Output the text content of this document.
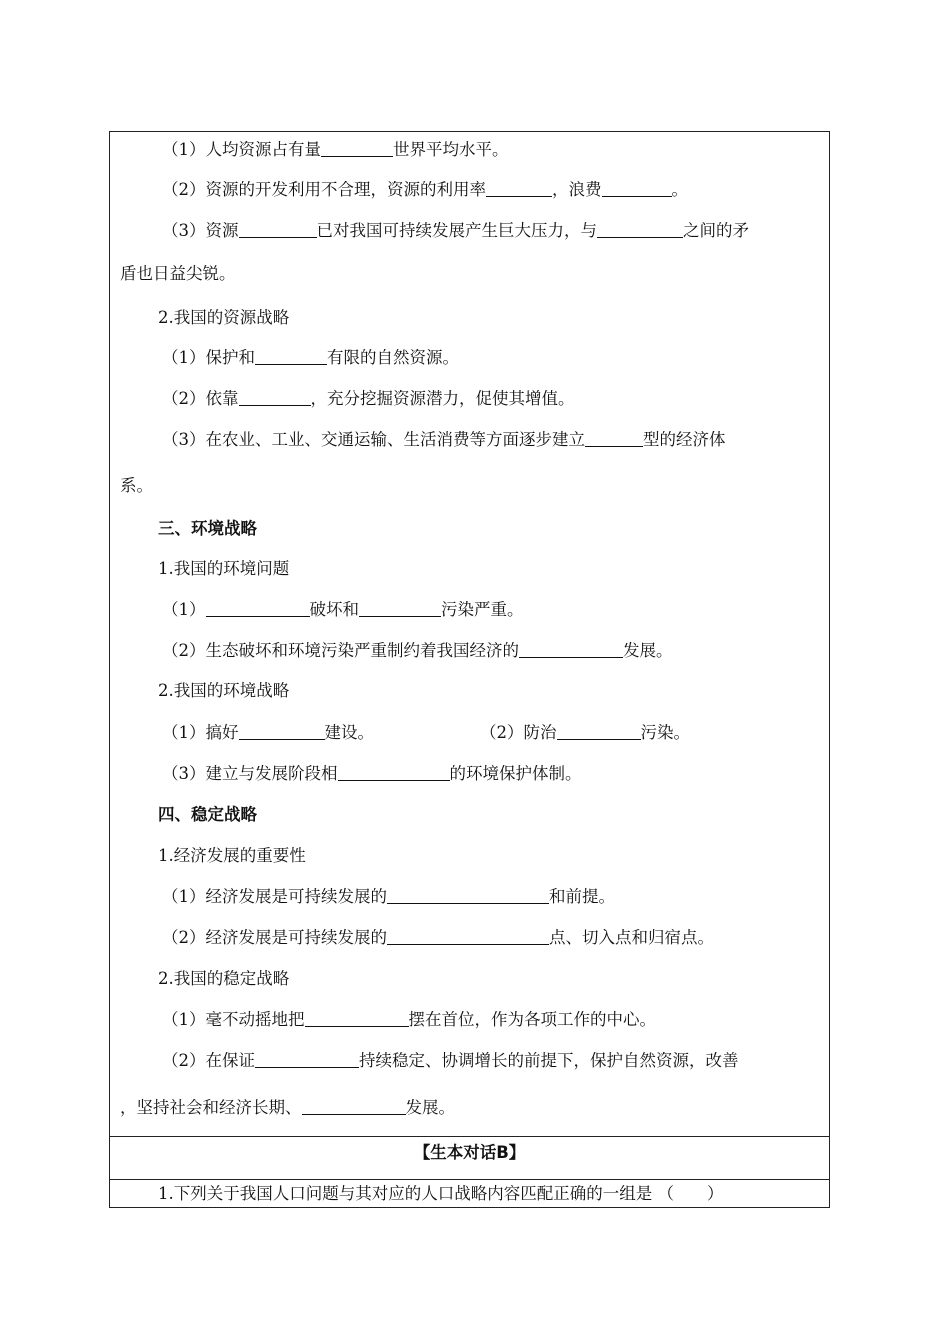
（1）人均资源占有量	世界平均水平。
（2）资源的开发利用不合理，资源的利用率	，浪费	。
（3）资源	已对我国可持续发展产生巨大压力，与	之间的矛
盾也日益尖锐。
2.我国的资源战略
（1）保护和	有限的自然资源。
（2）依靠	，充分挖掘资源潜力，促使其增值。
（3）在农业、工业、交通运输、生活消费等方面逐步建立	型的经济体
系。
三、环境战略
1.我国的环境问题
（1）	破坏和	污染严重。
（2）生态破坏和环境污染严重制约着我国经济的	发展。
2.我国的环境战略
（1）搞好	建设。	（2）防治	污染。
（3）建立与发展阶段相	的环境保护体制。
四、稳定战略
1.经济发展的重要性
（1）经济发展是可持续发展的	和前提。
（2）经济发展是可持续发展的	点、切入点和归宿点。
2.我国的稳定战略
（1）毫不动摇地把	摆在首位，作为各项工作的中心。
（2）在保证	持续稳定、协调增长的前提下，保护自然资源，改善
，坚持社会和经济长期、	发展。
【生本对话B】
1.下列关于我国人口问题与其对应的人口战略内容匹配正确的一组是 （　　）
